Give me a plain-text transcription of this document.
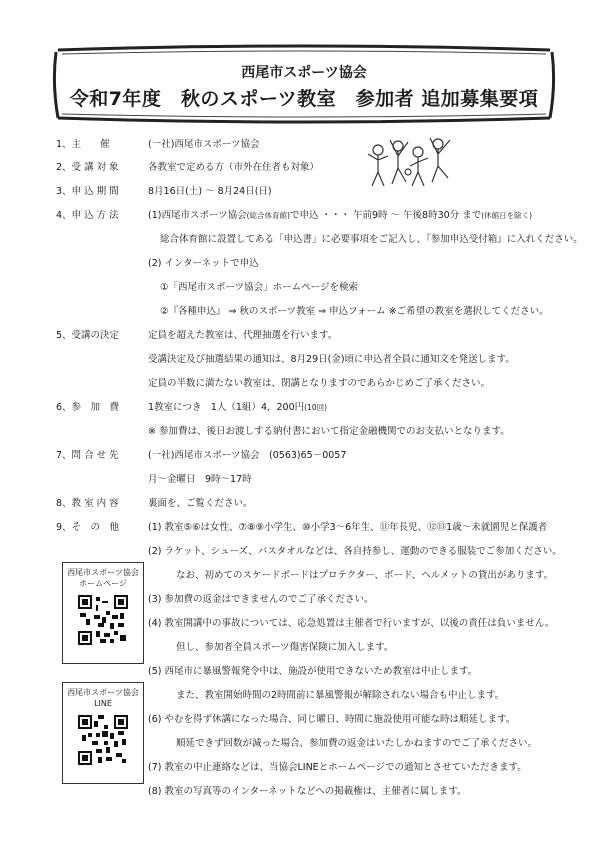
西尾市スポーツ協会
令和7年度　秋のスポーツ教室　参加者 追加募集要項
1、主　　催	(一社)西尾市スポーツ協会
2、受 講 対 象	各教室で定める方（市外在住者も対象）
3、申 込 期 間	8月16日(土) ～ 8月24日(日)
4、申 込 方 法	(1)西尾市スポーツ協会(総合体育館)で申込 ・・・ 午前9時 ～ 午後8時30分 まで(休館日を除く)
総合体育館に設置してある「申込書」に必要事項をご記入し、『参加申込受付箱』に入れください。
(2) インターネットで申込
①「西尾市スポーツ協会」ホームページを検索
②『各種申込』 ⇒ 秋のスポーツ教室 ⇒ 申込フォーム ※ご希望の教室を選択してください。
5、受講の決定	定員を超えた教室は、代理抽選を行います。
受講決定及び抽選結果の通知は、8月29日(金)頃に申込者全員に通知文を発送します。
定員の半数に満たない教室は、閉講となりますのであらかじめご了承ください。
6、参　加　費	1教室につき　1人（1組）4，200円(10回)
※ 参加費は、後日お渡しする納付書において指定金融機関でのお支払いとなります。
7、問 合 せ 先	(一社)西尾市スポーツ協会　(0563)65－0057
月～金曜日　9時～17時
8、教 室 内 容	裏面を、ご覧ください。
9、そ　の　他	(1) 教室⑤⑥は女性、⑦⑧⑨小学生、⑩小学3～6年生、⑪年長児、⑫⑬1歳～未就園児と保護者
(2) ラケット、シューズ、バスタオルなどは、各自持参し、運動のできる服装でご参加ください。
なお、初めてのスケードボードはプロテクター、ボード、ヘルメットの貸出があります。
(3) 参加費の返金はできませんのでご了承ください。
(4) 教室開講中の事故については、応急処置は主催者で行いますが、以後の責任は負いません。
但し、参加者全員スポーツ傷害保険に加入します。
(5) 西尾市に暴風警報発令中は、施設が使用できないため教室は中止します。
また、教室開始時間の2時間前に暴風警報が解除されない場合も中止します。
(6) やむを得ず休講になった場合、同じ曜日、時間に施設使用可能な時は順延します。
順延できず回数が減った場合、参加費の返金はいたしかねますのでご了承ください。
(7) 教室の中止連絡などは、当協会LINEとホームページでの通知とさせていただきます。
(8) 教室の写真等のインターネットなどへの掲載権は、主催者に属します。
西尾市スポーツ協会
ホームページ
西尾市スポーツ協会
LINE
